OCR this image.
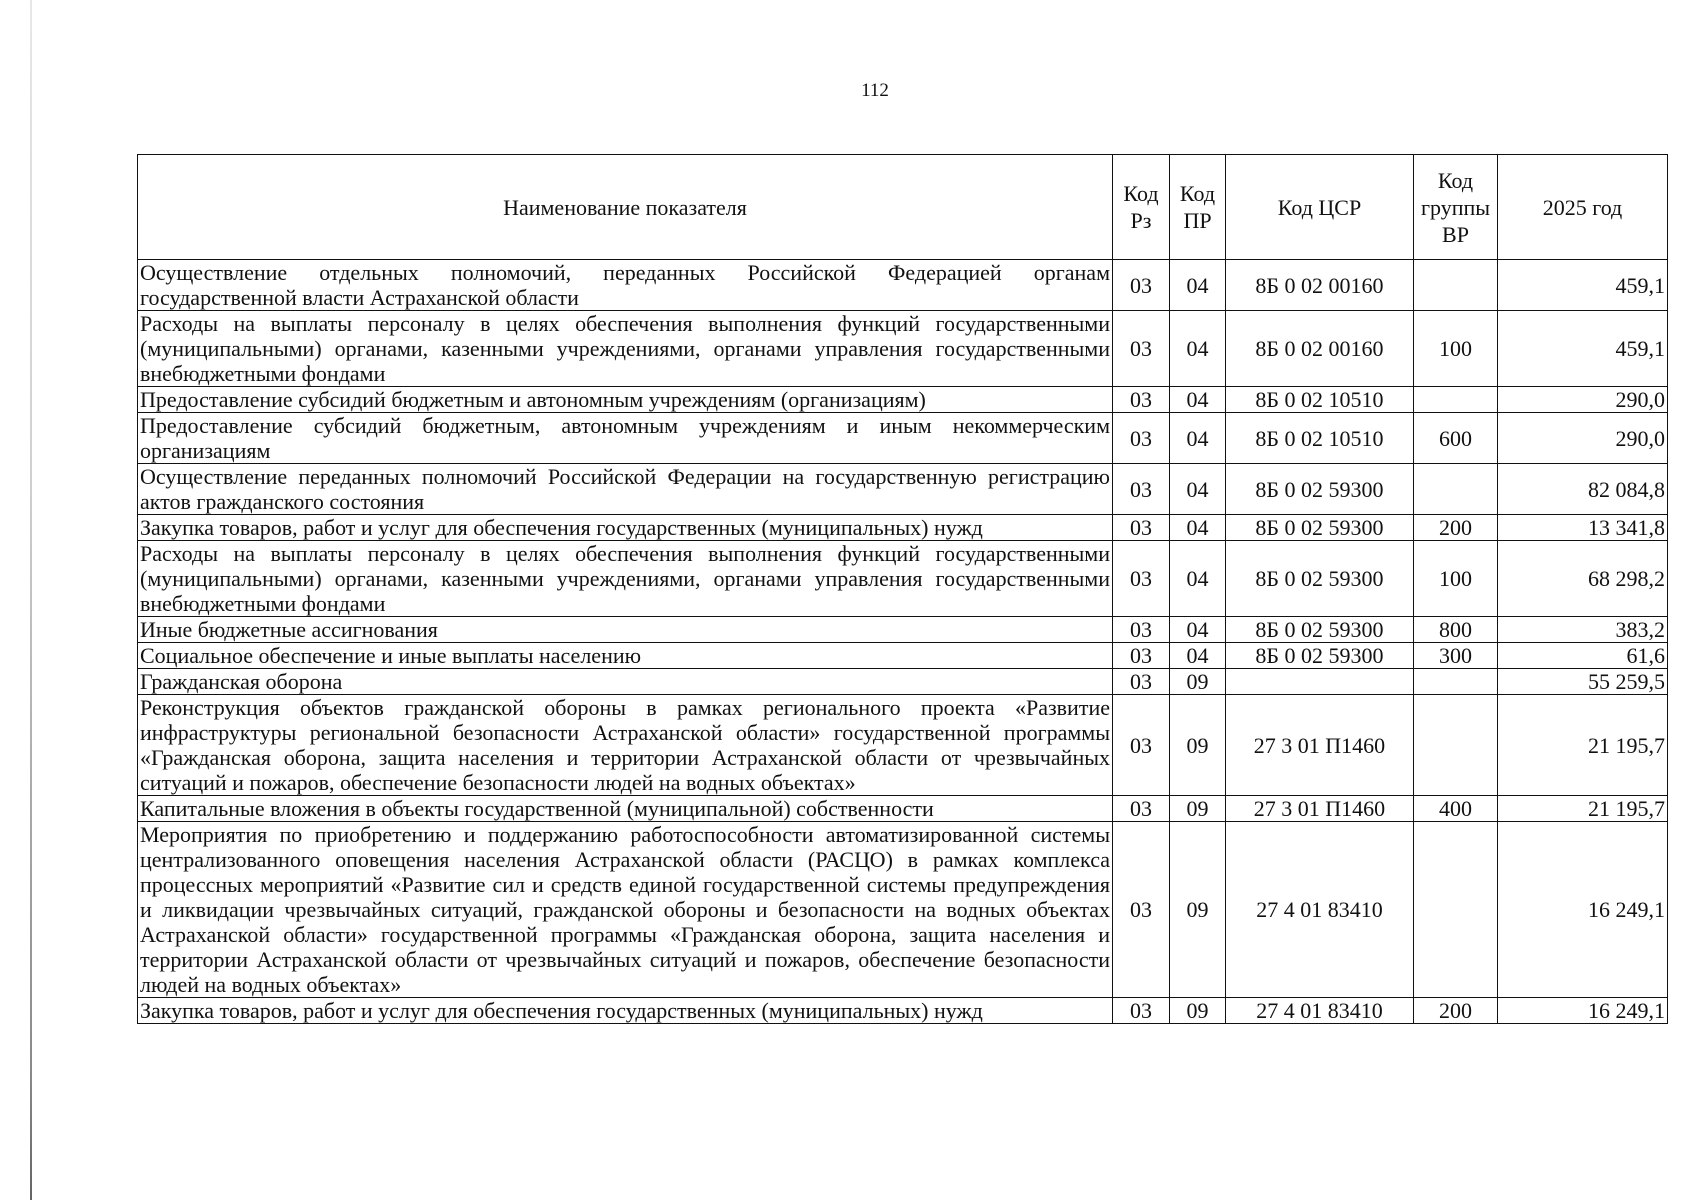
112
Наименование показателя	Код Рз	Код ПР	Код ЦСР	Код группы ВР	2025 год
Осуществление отдельных полномочий, переданных Российской Федерацией органам государственной власти Астраханской области	03	04	8Б 0 02 00160		459,1
Расходы на выплаты персоналу в целях обеспечения выполнения функций государственными (муниципальными) органами, казенными учреждениями, органами управления государственными внебюджетными фондами	03	04	8Б 0 02 00160	100	459,1
Предоставление субсидий бюджетным и автономным учреждениям (организациям)	03	04	8Б 0 02 10510		290,0
Предоставление субсидий бюджетным, автономным учреждениям и иным некоммерческим организациям	03	04	8Б 0 02 10510	600	290,0
Осуществление переданных полномочий Российской Федерации на государственную регистрацию актов гражданского состояния	03	04	8Б 0 02 59300		82 084,8
Закупка товаров, работ и услуг для обеспечения государственных (муниципальных) нужд	03	04	8Б 0 02 59300	200	13 341,8
Расходы на выплаты персоналу в целях обеспечения выполнения функций государственными (муниципальными) органами, казенными учреждениями, органами управления государственными внебюджетными фондами	03	04	8Б 0 02 59300	100	68 298,2
Иные бюджетные ассигнования	03	04	8Б 0 02 59300	800	383,2
Социальное обеспечение и иные выплаты населению	03	04	8Б 0 02 59300	300	61,6
Гражданская оборона	03	09			55 259,5
Реконструкция объектов гражданской обороны в рамках регионального проекта «Развитие инфраструктуры региональной безопасности Астраханской области» государственной программы «Гражданская оборона, защита населения и территории Астраханской области от чрезвычайных ситуаций и пожаров, обеспечение безопасности людей на водных объектах»	03	09	27 3 01 П1460		21 195,7
Капитальные вложения в объекты государственной (муниципальной) собственности	03	09	27 3 01 П1460	400	21 195,7
Мероприятия по приобретению и поддержанию работоспособности автоматизированной системы централизованного оповещения населения Астраханской области (РАСЦО) в рамках комплекса процессных мероприятий «Развитие сил и средств единой государственной системы предупреждения и ликвидации чрезвычайных ситуаций, гражданской обороны и безопасности на водных объектах Астраханской области» государственной программы «Гражданская оборона, защита населения и территории Астраханской области от чрезвычайных ситуаций и пожаров, обеспечение безопасности людей на водных объектах»	03	09	27 4 01 83410		16 249,1
Закупка товаров, работ и услуг для обеспечения государственных (муниципальных) нужд	03	09	27 4 01 83410	200	16 249,1
